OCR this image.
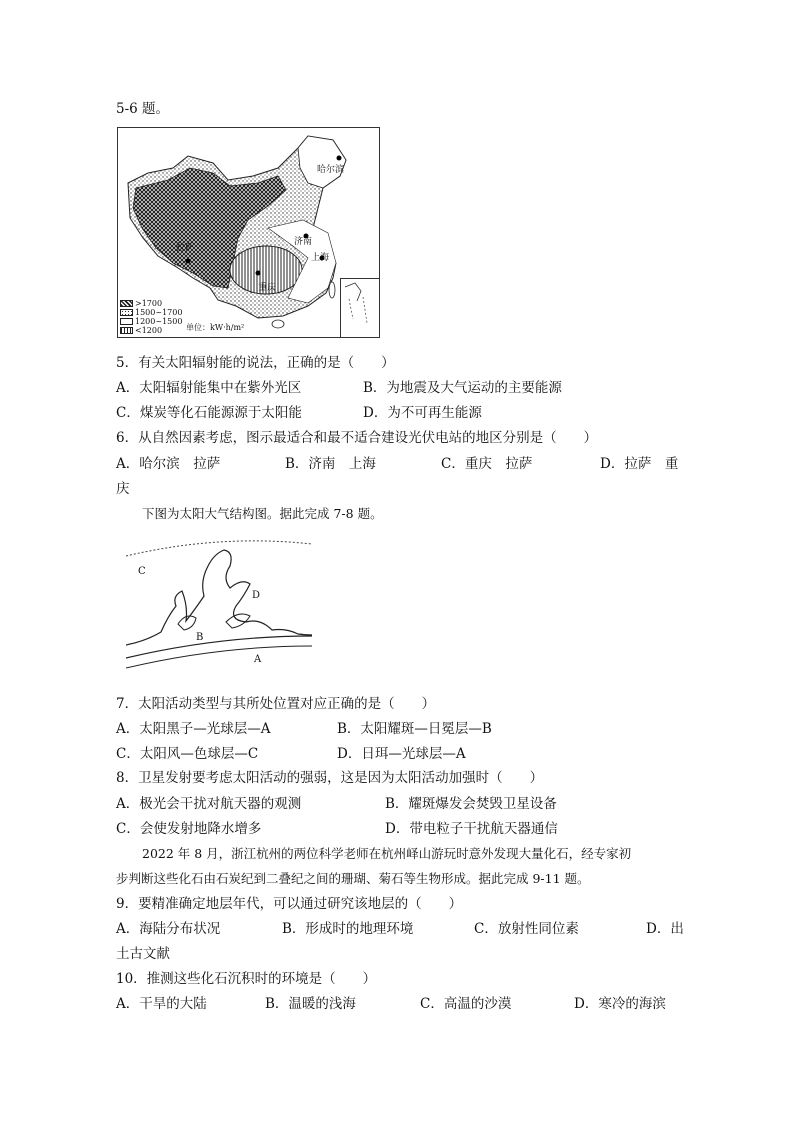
5-6 题。
哈尔滨
济南
上海
重庆
拉萨
>1700
1500~1700
1200~1500
<1200	单位：kW·h/m²
5．有关太阳辐射能的说法，正确的是（　　）
A．太阳辐射能集中在紫外光区	B．为地震及大气运动的主要能源
C．煤炭等化石能源源于太阳能	D．为不可再生能源
6．从自然因素考虑，图示最适合和最不适合建设光伏电站的地区分别是（　　）
A．哈尔滨　拉萨	B．济南　上海	C．重庆　拉萨	D．拉萨　重
庆
下图为太阳大气结构图。据此完成 7-8 题。
C
D
B
A
7．太阳活动类型与其所处位置对应正确的是（　　）
A．太阳黑子—光球层—A	B．太阳耀斑—日冕层—B
C．太阳风—色球层—C	D．日珥—光球层—A
8．卫星发射要考虑太阳活动的强弱，这是因为太阳活动加强时（　　）
A．极光会干扰对航天器的观测	B．耀斑爆发会焚毁卫星设备
C．会使发射地降水增多	D．带电粒子干扰航天器通信
2022 年 8 月，浙江杭州的两位科学老师在杭州峄山游玩时意外发现大量化石，经专家初
步判断这些化石由石炭纪到二叠纪之间的珊瑚、菊石等生物形成。据此完成 9-11 题。
9．要精准确定地层年代，可以通过研究该地层的（　　）
A．海陆分布状况	B．形成时的地理环境	C．放射性同位素	D．出
土古文献
10．推测这些化石沉积时的环境是（　　）
A．干旱的大陆	B．温暖的浅海	C．高温的沙漠	D．寒冷的海滨
